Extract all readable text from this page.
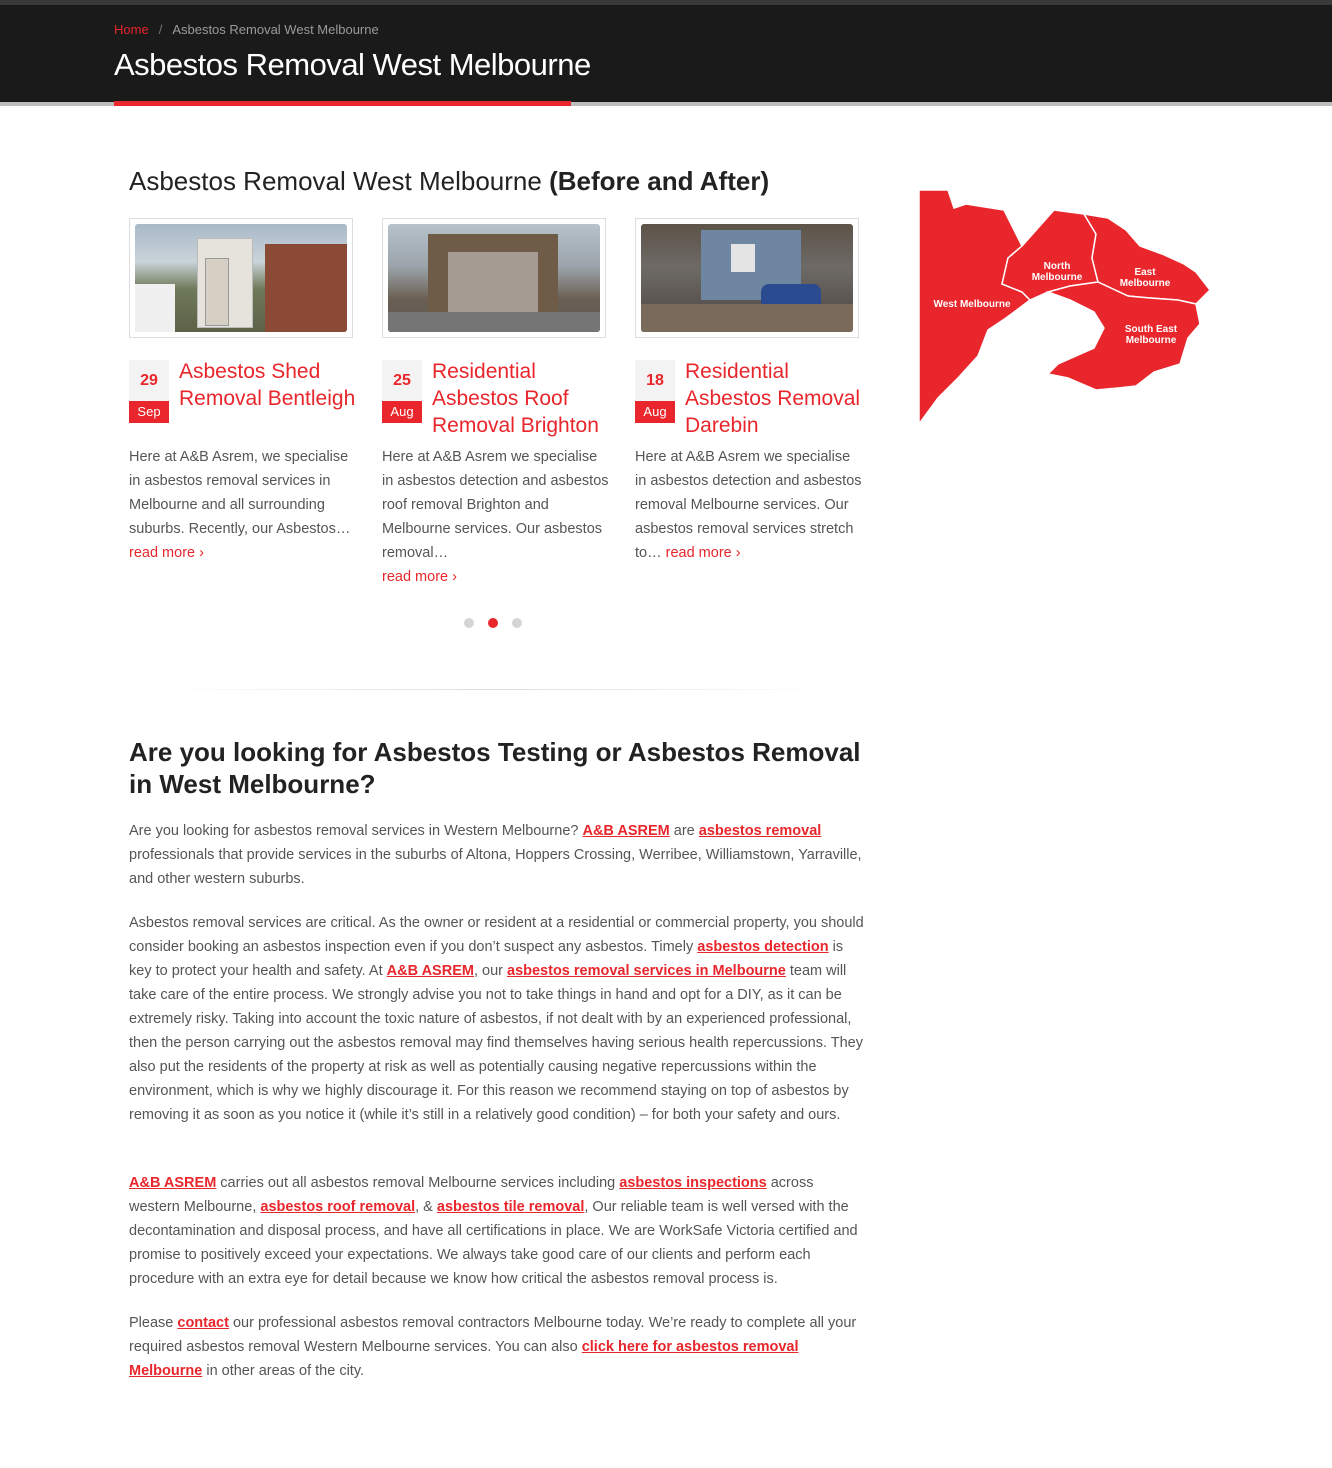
Home / Asbestos Removal West Melbourne
Asbestos Removal West Melbourne
Asbestos Removal West Melbourne (Before and After)
29
Sep
Asbestos Shed Removal Bentleigh
Here at A&B Asrem, we specialise in asbestos removal services in Melbourne and all surrounding suburbs. Recently, our Asbestos…
read more ›
25
Aug
Residential Asbestos Roof Removal Brighton
Here at A&B Asrem we specialise in asbestos detection and asbestos roof removal Brighton and Melbourne services. Our asbestos removal…
read more ›
18
Aug
Residential Asbestos Removal Darebin
Here at A&B Asrem we specialise in asbestos detection and asbestos removal Melbourne services. Our asbestos removal services stretch to… read more ›
West Melbourne
North
Melbourne	East
Melbourne
South East
Melbourne
Are you looking for Asbestos Testing or Asbestos Removal in West Melbourne?

Are you looking for asbestos removal services in Western Melbourne? A&B ASREM are asbestos removal professionals that provide services in the suburbs of Altona, Hoppers Crossing, Werribee, Williamstown, Yarraville, and other western suburbs.

Asbestos removal services are critical. As the owner or resident at a residential or commercial property, you should consider booking an asbestos inspection even if you don’t suspect any asbestos. Timely asbestos detection is key to protect your health and safety. At A&B ASREM, our asbestos removal services in Melbourne team will take care of the entire process. We strongly advise you not to take things in hand and opt for a DIY, as it can be extremely risky. Taking into account the toxic nature of asbestos, if not dealt with by an experienced professional, then the person carrying out the asbestos removal may find themselves having serious health repercussions. They also put the residents of the property at risk as well as potentially causing negative repercussions within the environment, which is why we highly discourage it. For this reason we recommend staying on top of asbestos by removing it as soon as you notice it (while it’s still in a relatively good condition) – for both your safety and ours.

A&B ASREM carries out all asbestos removal Melbourne services including asbestos inspections across western Melbourne, asbestos roof removal, & asbestos tile removal, Our reliable team is well versed with the decontamination and disposal process, and have all certifications in place. We are WorkSafe Victoria certified and promise to positively exceed your expectations. We always take good care of our clients and perform each procedure with an extra eye for detail because we know how critical the asbestos removal process is.

Please contact our professional asbestos removal contractors Melbourne today. We’re ready to complete all your required asbestos removal Western Melbourne services. You can also click here for asbestos removal Melbourne in other areas of the city.
